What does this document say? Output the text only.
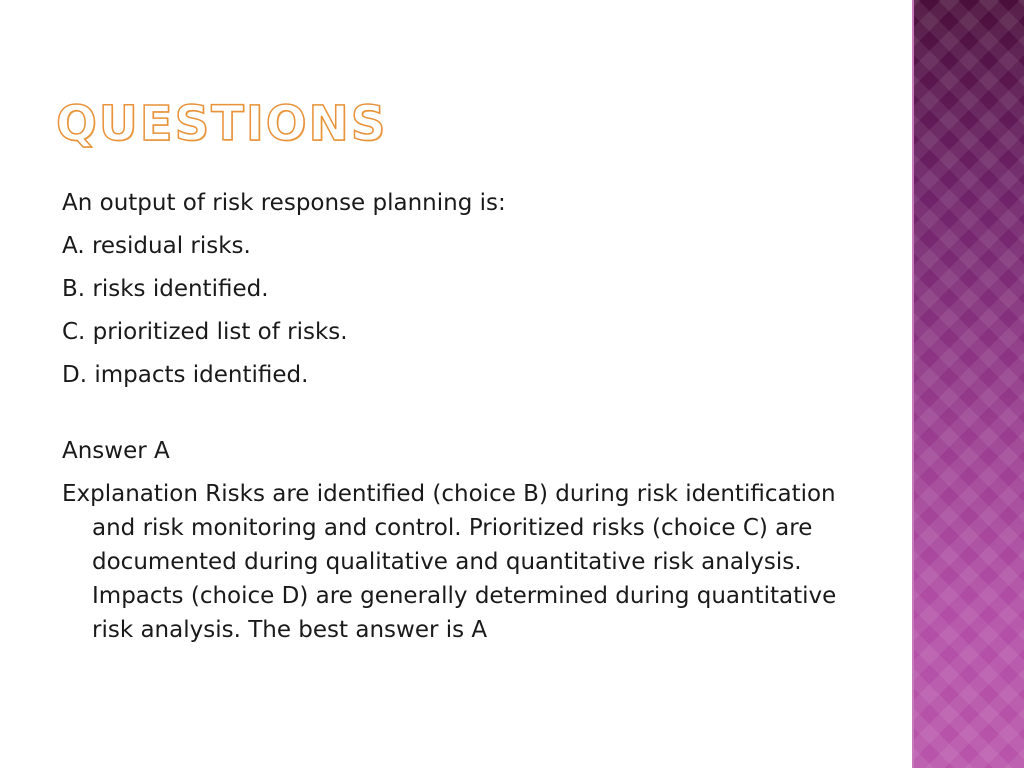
QUESTIONS

An output of risk response planning is:

A. residual risks.

B. risks identified.

C. prioritized list of risks.

D. impacts identified.

Answer A

Explanation Risks are identified (choice B) during risk identification and risk monitoring and control. Prioritized risks (choice C) are documented during qualitative and quantitative risk analysis. Impacts (choice D) are generally determined during quantitative risk analysis. The best answer is A
